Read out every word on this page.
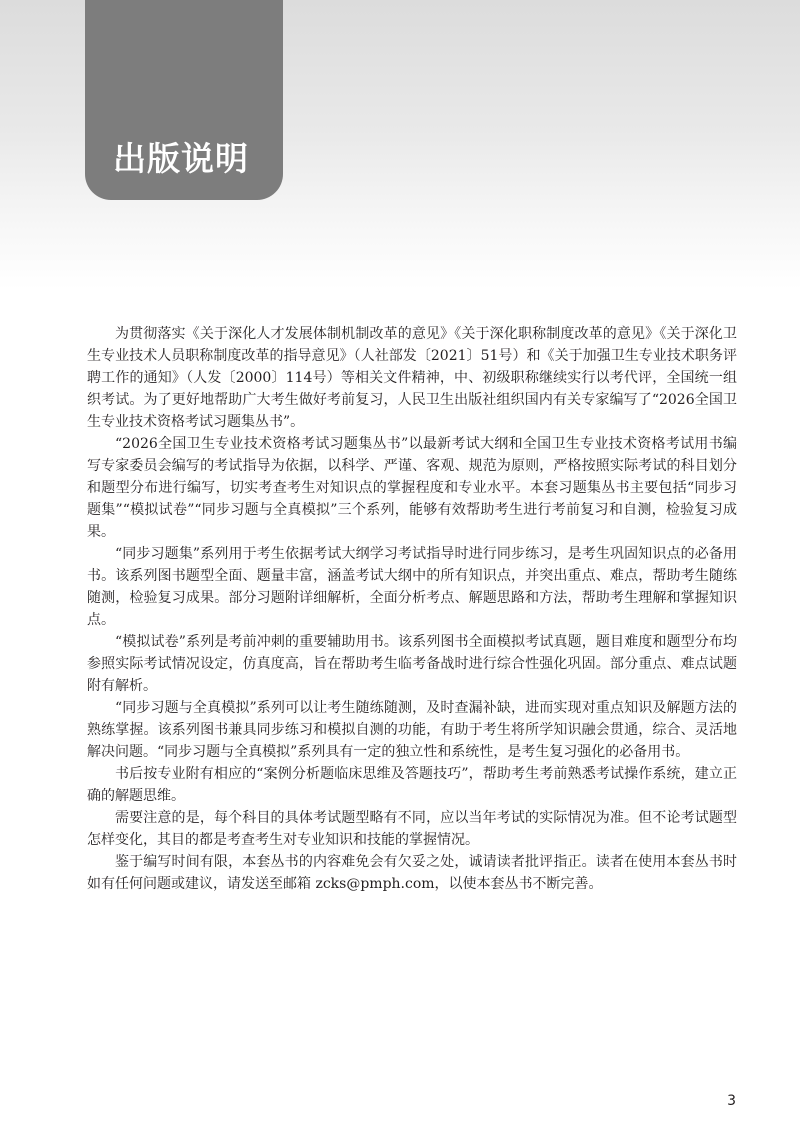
出版说明

为贯彻落实《关于深化人才发展体制机制改革的意见》《关于深化职称制度改革的意见》《关于深化卫生专业技术人员职称制度改革的指导意见》（人社部发〔2021〕51号）和《关于加强卫生专业技术职务评聘工作的通知》（人发〔2000〕114号）等相关文件精神，中、初级职称继续实行以考代评，全国统一组织考试。为了更好地帮助广大考生做好考前复习，人民卫生出版社组织国内有关专家编写了“2026全国卫生专业技术资格考试习题集丛书”。

“2026全国卫生专业技术资格考试习题集丛书”以最新考试大纲和全国卫生专业技术资格考试用书编写专家委员会编写的考试指导为依据，以科学、严谨、客观、规范为原则，严格按照实际考试的科目划分和题型分布进行编写，切实考查考生对知识点的掌握程度和专业水平。本套习题集丛书主要包括“同步习题集”“模拟试卷”“同步习题与全真模拟”三个系列，能够有效帮助考生进行考前复习和自测，检验复习成果。

“同步习题集”系列用于考生依据考试大纲学习考试指导时进行同步练习，是考生巩固知识点的必备用书。该系列图书题型全面、题量丰富，涵盖考试大纲中的所有知识点，并突出重点、难点，帮助考生随练随测，检验复习成果。部分习题附详细解析，全面分析考点、解题思路和方法，帮助考生理解和掌握知识点。

“模拟试卷”系列是考前冲刺的重要辅助用书。该系列图书全面模拟考试真题，题目难度和题型分布均参照实际考试情况设定，仿真度高，旨在帮助考生临考备战时进行综合性强化巩固。部分重点、难点试题附有解析。

“同步习题与全真模拟”系列可以让考生随练随测，及时查漏补缺，进而实现对重点知识及解题方法的熟练掌握。该系列图书兼具同步练习和模拟自测的功能，有助于考生将所学知识融会贯通，综合、灵活地解决问题。“同步习题与全真模拟”系列具有一定的独立性和系统性，是考生复习强化的必备用书。

书后按专业附有相应的“案例分析题临床思维及答题技巧”，帮助考生考前熟悉考试操作系统，建立正确的解题思维。

需要注意的是，每个科目的具体考试题型略有不同，应以当年考试的实际情况为准。但不论考试题型怎样变化，其目的都是考查考生对专业知识和技能的掌握情况。

鉴于编写时间有限，本套丛书的内容难免会有欠妥之处，诚请读者批评指正。读者在使用本套丛书时如有任何问题或建议，请发送至邮箱 zcks@pmph.com，以使本套丛书不断完善。

3
